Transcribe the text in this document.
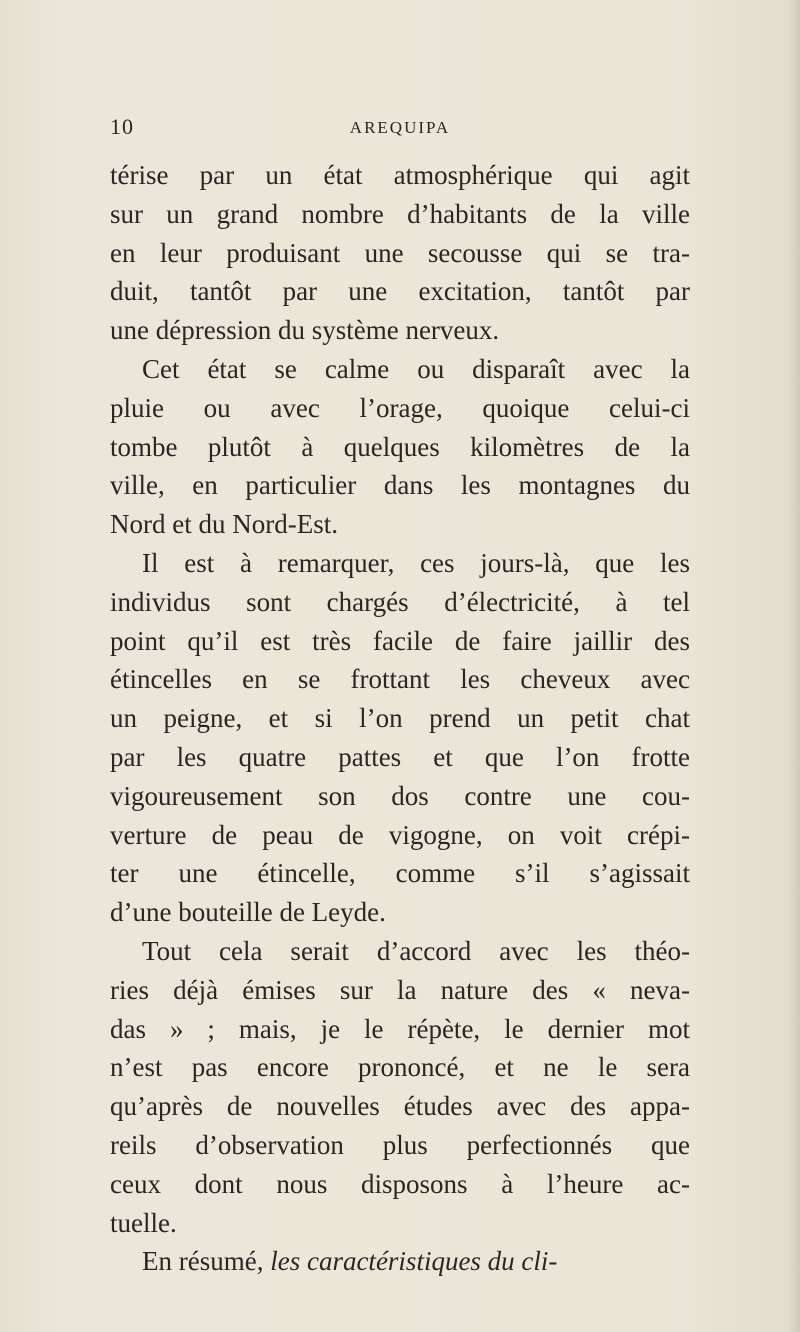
10	AREQUIPA
térise par un état atmosphérique qui agit
sur un grand nombre d’habitants de la ville
en leur produisant une secousse qui se tra-
duit, tantôt par une excitation, tantôt par
une dépression du système nerveux.
Cet état se calme ou disparaît avec la
pluie ou avec l’orage, quoique celui-ci
tombe plutôt à quelques kilomètres de la
ville, en particulier dans les montagnes du
Nord et du Nord-Est.
Il est à remarquer, ces jours-là, que les
individus sont chargés d’électricité, à tel
point qu’il est très facile de faire jaillir des
étincelles en se frottant les cheveux avec
un peigne, et si l’on prend un petit chat
par les quatre pattes et que l’on frotte
vigoureusement son dos contre une cou-
verture de peau de vigogne, on voit crépi-
ter une étincelle, comme s’il s’agissait
d’une bouteille de Leyde.
Tout cela serait d’accord avec les théo-
ries déjà émises sur la nature des « neva-
das » ; mais, je le répète, le dernier mot
n’est pas encore prononcé, et ne le sera
qu’après de nouvelles études avec des appa-
reils d’observation plus perfectionnés que
ceux dont nous disposons à l’heure ac-
tuelle.
En résumé, les caractéristiques du cli-
